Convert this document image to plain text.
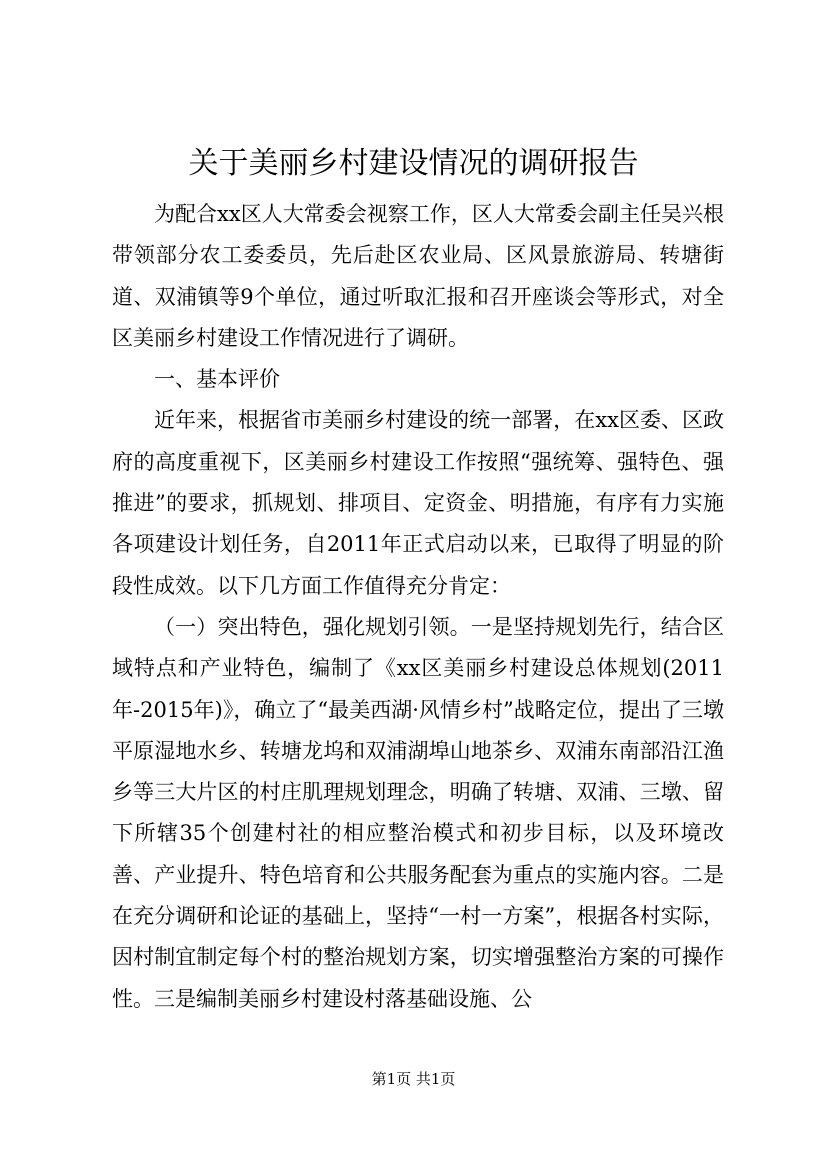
关于美丽乡村建设情况的调研报告

为配合xx区人大常委会视察工作，区人大常委会副主任吴兴根带领部分农工委委员，先后赴区农业局、区风景旅游局、转塘街道、双浦镇等9个单位，通过听取汇报和召开座谈会等形式，对全区美丽乡村建设工作情况进行了调研。

一、基本评价

近年来，根据省市美丽乡村建设的统一部署，在xx区委、区政府的高度重视下，区美丽乡村建设工作按照“强统筹、强特色、强推进”的要求，抓规划、排项目、定资金、明措施，有序有力实施各项建设计划任务，自2011年正式启动以来，已取得了明显的阶段性成效。以下几方面工作值得充分肯定：

（一）突出特色，强化规划引领。一是坚持规划先行，结合区域特点和产业特色，编制了《xx区美丽乡村建设总体规划(2011年-2015年)》，确立了“最美西湖·风情乡村”战略定位，提出了三墩平原湿地水乡、转塘龙坞和双浦湖埠山地茶乡、双浦东南部沿江渔乡等三大片区的村庄肌理规划理念，明确了转塘、双浦、三墩、留下所辖35个创建村社的相应整治模式和初步目标，以及环境改善、产业提升、特色培育和公共服务配套为重点的实施内容。二是在充分调研和论证的基础上，坚持“一村一方案”，根据各村实际，因村制宜制定每个村的整治规划方案，切实增强整治方案的可操作性。三是编制美丽乡村建设村落基础设施、公

第1页 共1页
